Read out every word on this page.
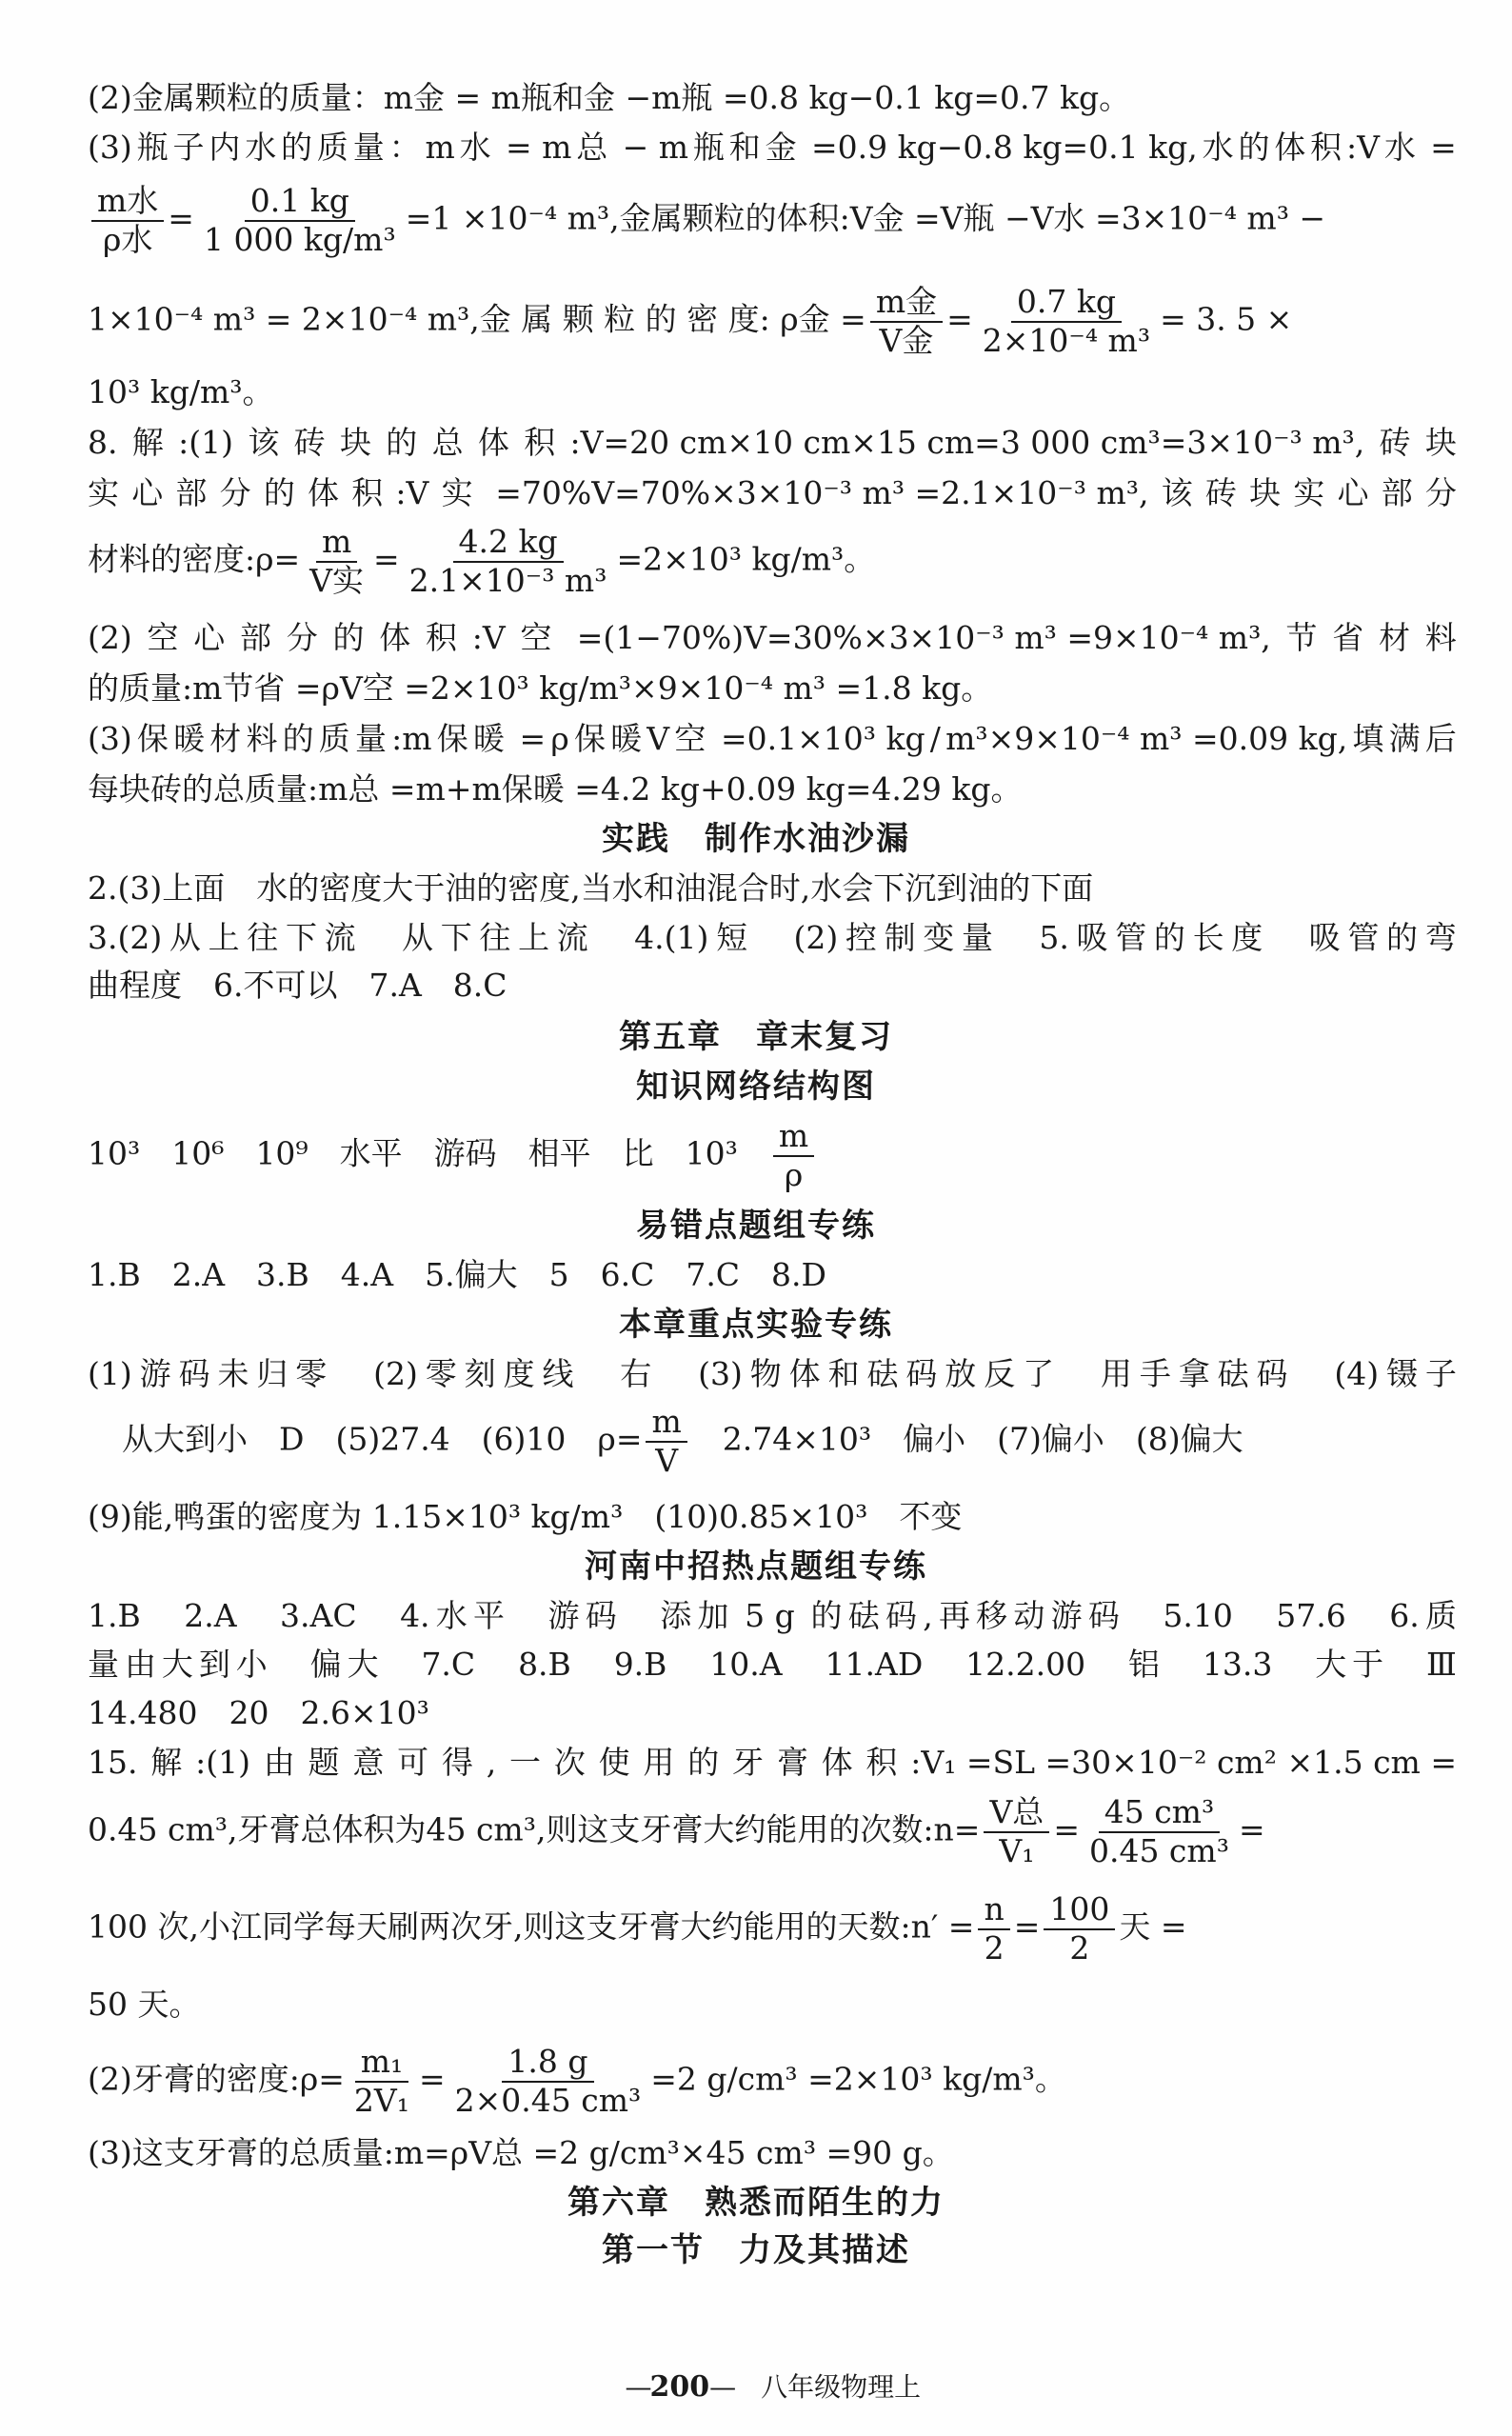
(2)金属颗粒的质量：m金 = m瓶和金 −m瓶 =0.8 kg−0.1 kg=0.7 kg。
(3) 瓶 子 内 水 的 质 量 ： m 水 = m 总 − m 瓶 和 金 =0.9 kg−0.8 kg=0.1 kg, 水 的 体 积 :V 水 =
$\frac{\text{m水}}{\text{ρ水}} = \frac{0.1 kg}{\text{1 000 kg/m³}} =1 \times 10^{-4}$ m³,金属颗粒的体积:V金 =V瓶 −V水 =3×10⁻⁴ m³ −
1×10⁻⁴ m³ = 2×10⁻⁴ m³,金 属 颗 粒 的 密 度: ρ金 = $\frac{\text{m金}}{\text{V金}} = \frac{0.7 kg}{\text{2×10⁻⁴ m³}} = 3$. 5 ×
10³ kg/m³。
8. 解 :(1) 该 砖 块 的 总 体 积 :V=20 cm×10 cm×15 cm=3 000 cm³=3×10⁻³ m³, 砖 块
实 心 部 分 的 体 积 :V 实 =70%V=70%×3×10⁻³ m³ =2.1×10⁻³ m³, 该 砖 块 实 心 部 分
材料的密度:ρ= $\frac{m}{\text{V实}} = \frac{4.2 kg}{\text{2.1×10⁻³ m³}} =2\times 10^3$ kg/m³。
(2) 空 心 部 分 的 体 积 :V 空 =(1−70%)V=30%×3×10⁻³ m³ =9×10⁻⁴ m³, 节 省 材 料
的质量:m节省 =ρV空 =2×10³ kg/m³×9×10⁻⁴ m³ =1.8 kg。
(3) 保 暖 材 料 的 质 量 :m 保 暖 = ρ 保 暖 V 空 =0.1×10³ kg / m³×9×10⁻⁴ m³ =0.09 kg, 填 满 后
每块砖的总质量:m总 =m+m保暖 =4.2 kg+0.09 kg=4.29 kg。
实践　制作水油沙漏
2.(3)上面　水的密度大于油的密度,当水和油混合时,水会下沉到油的下面
3.(2) 从 上 往 下 流
　 从 下 往 上 流
　 4.(1) 短
　 (2) 控 制 变 量
　 5. 吸 管 的 长 度
　 吸 管 的 弯
曲程度　6.不可以　7.A　8.C
第五章　章末复习
知识网络结构图
10³　10⁶　10⁹　水平　游码　相平　比　10³　 $\frac{m}{\rho}$
易错点题组专练
1.B　2.A　3.B　4.A　5.偏大　5　6.C　7.C　8.D
本章重点实验专练
(1) 游 码 未 归 零
　 (2) 零 刻 度 线
　 右
　 (3) 物 体 和 砝 码 放 反 了
　 用 手 拿 砝 码
　 (4) 镊 子
从大到小　D　(5)27.4　(6)10　$\rho= \frac{m}{V}$
　 2.74×10³　偏小　(7)偏小　(8)偏大
(9)能,鸭蛋的密度为 1.15×10³ kg/m³　(10)0.85×10³　不变
河南中招热点题组专练
1.B
　 2.A
　 3.AC
　 4. 水 平
　 游 码
　 添 加 5 g 的 砝 码 , 再 移 动 游 码
　 5.10
　 57.6
　 6. 质
量 由 大 到 小
　 偏 大
　 7.C
　 8.B
　 9.B
　 10.A
　 11.AD
　 12.2.00
　 铝
　 13.3
　 大 于
　 Ⅲ
14.480　20　2.6×10³
15. 解 :(1) 由 题 意 可 得 , 一 次 使 用 的 牙 膏 体 积 :V₁ =SL =30×10⁻² cm² ×1.5 cm =
0.45 cm³,牙膏总体积为45 cm³,则这支牙膏大约能用的次数:n= $\frac{\text{V总}}{\text{V₁}} = \frac{\text{45 cm³}}{\text{0.45 cm³}}$ =
100 次,小江同学每天刷两次牙,则这支牙膏大约能用的天数:n′ = $\frac{n}{2} = \frac{100}{2}$ 天 =
50 天。
(2)牙膏的密度:ρ= $\frac{\text{m₁}}{\text{2V₁}} = \frac{1.8 g}{\text{2×0.45 cm³}} =2$ g/cm³ =2×10³ kg/m³。
(3)这支牙膏的总质量:m=ρV总 =2 g/cm³×45 cm³ =90 g。
第六章　熟悉而陌生的力
第一节　力及其描述

—200—　 八年级物理上
